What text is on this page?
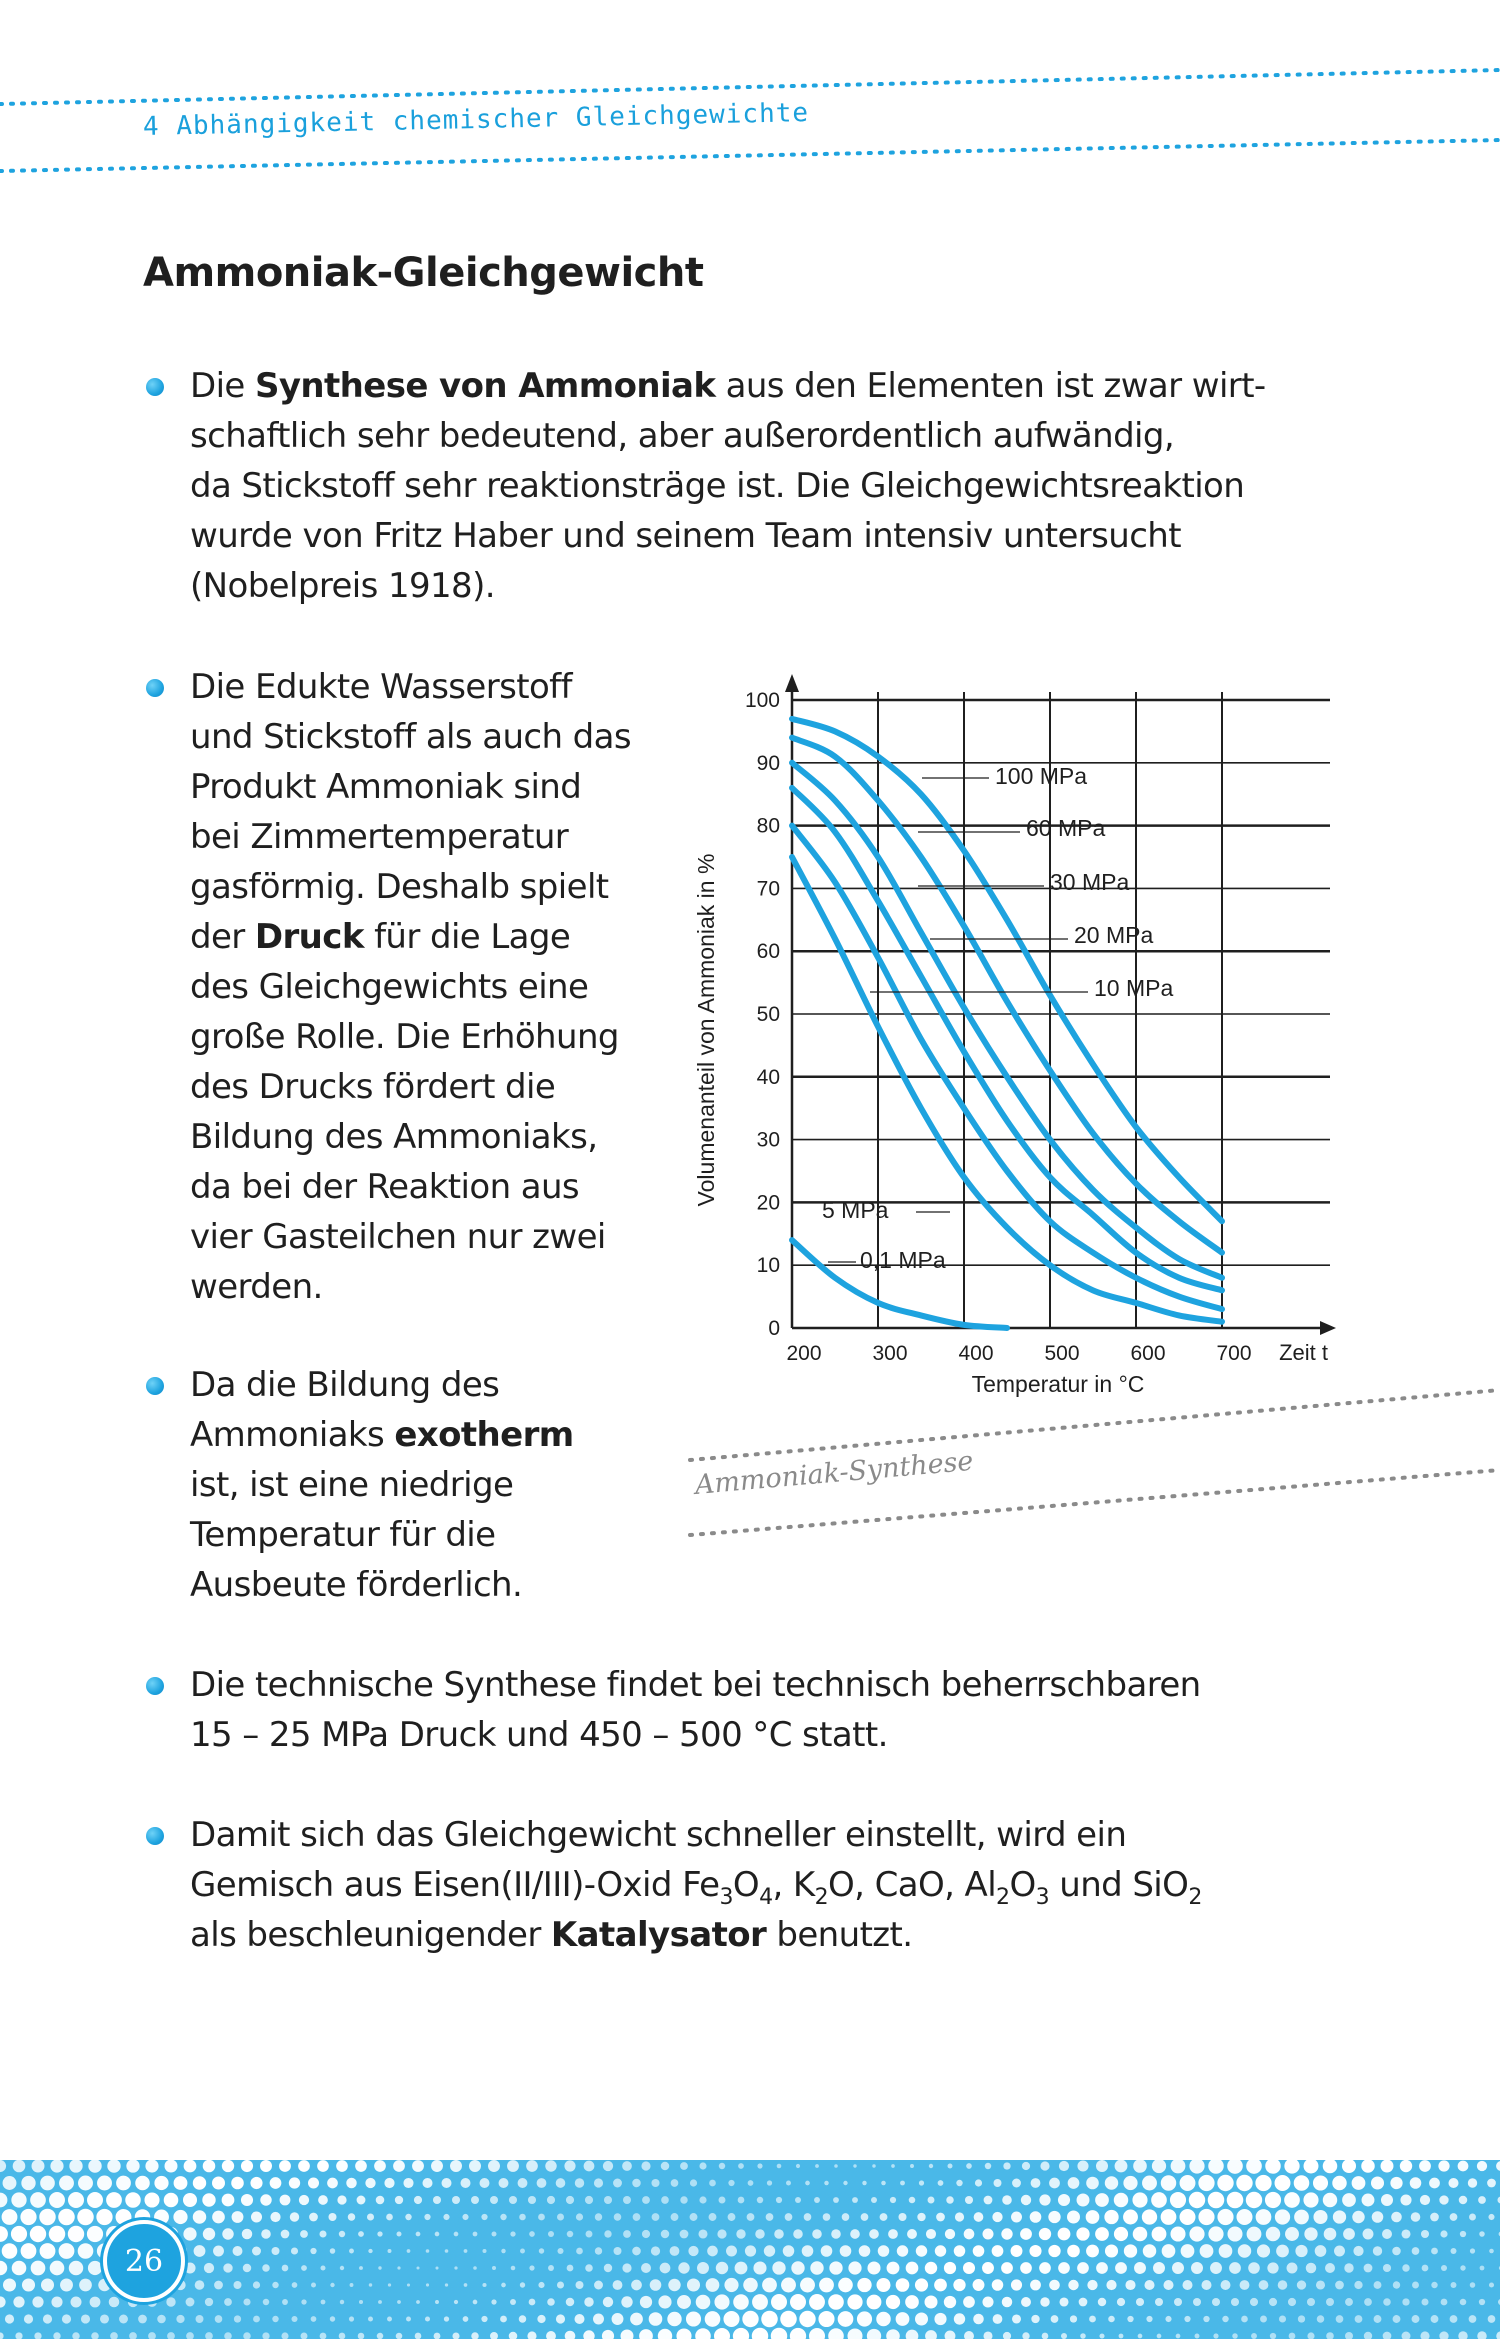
4 Abhängigkeit chemischer Gleichgewichte
Ammoniak-Gleichgewicht
Die Synthese von Ammoniak aus den Elementen ist zwar wirt-
schaftlich sehr bedeutend, aber außerordentlich aufwändig,
da Stickstoff sehr reaktionsträge ist. Die Gleichgewichtsreaktion
wurde von Fritz Haber und seinem Team intensiv untersucht
(Nobelpreis 1918).
Die Edukte Wasserstoff
und Stickstoff als auch das
Produkt Ammoniak sind
bei Zimmertemperatur
gasförmig. Deshalb spielt
der Druck für die Lage
des Gleichgewichts eine
große Rolle. Die Erhöhung
des Drucks fördert die
Bildung des Ammoniaks,
da bei der Reaktion aus
vier Gasteilchen nur zwei
werden.
Da die Bildung des
Ammoniaks exotherm
ist, ist eine niedrige
Temperatur für die
Ausbeute förderlich.
Die technische Synthese findet bei technisch beherrschbaren
15 – 25 MPa Druck und 450 – 500 °C statt.
Damit sich das Gleichgewicht schneller einstellt, wird ein
Gemisch aus Eisen(II/III)-Oxid $Fe_3O_4$, $K_2O$, CaO, $Al_2O_3$ und SiO$_2$
als beschleunigender Katalysator benutzt.
0
10
20
30
40
50
60
70
80
90
100
200 300 400 500 600 700 Zeit t
100 MPa
60 MPa
30 MPa
20 MPa
10 MPa
5 MPa
0,1 MPa
Volumenanteil von Ammoniak in %
Temperatur in °C
Ammoniak-Synthese
26
